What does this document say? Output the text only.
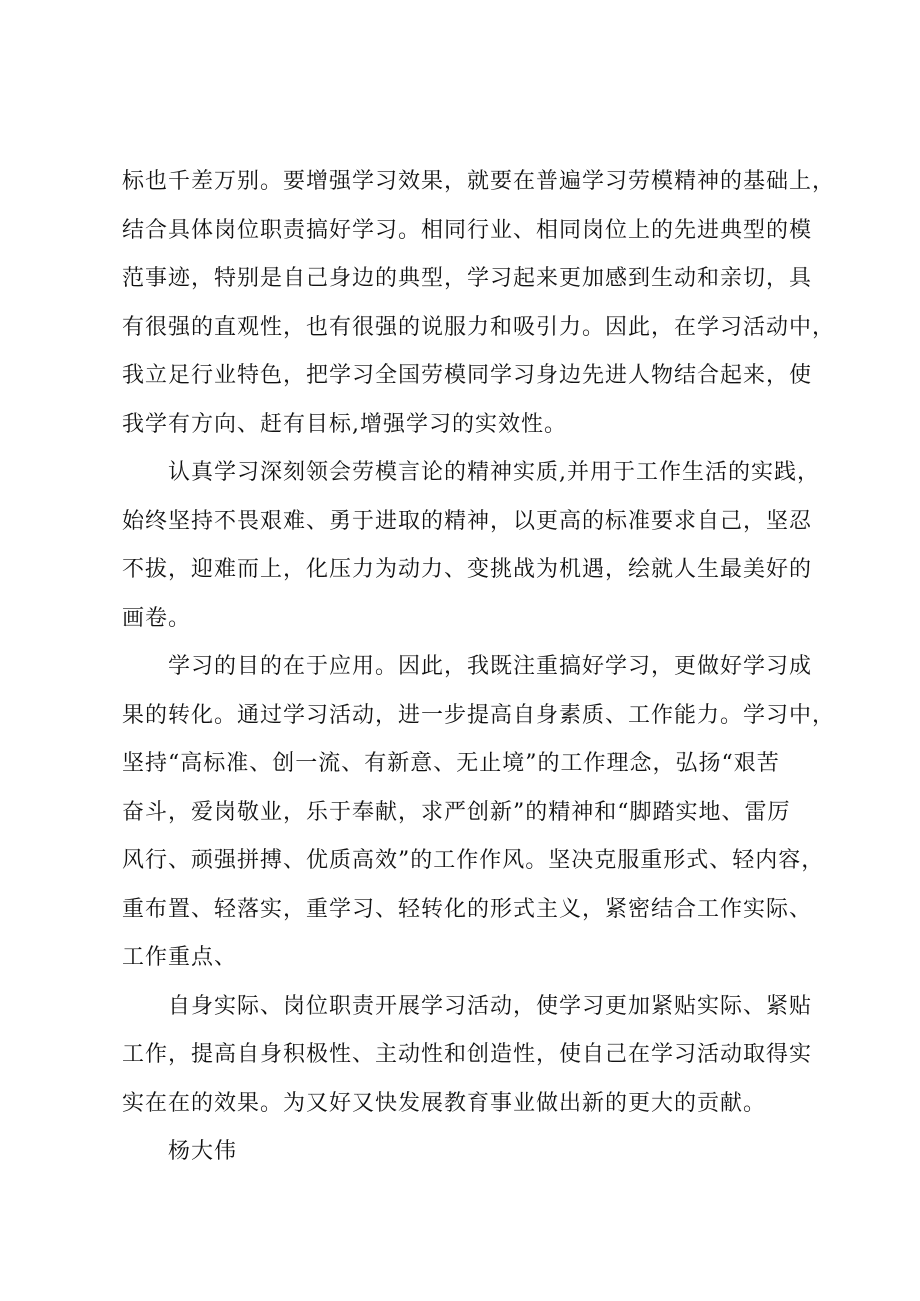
标也千差万别。要增强学习效果，就要在普遍学习劳模精神的基础上，
结合具体岗位职责搞好学习。相同行业、相同岗位上的先进典型的模
范事迹，特别是自己身边的典型，学习起来更加感到生动和亲切，具
有很强的直观性，也有很强的说服力和吸引力。因此，在学习活动中，
我立足行业特色，把学习全国劳模同学习身边先进人物结合起来，使
我学有方向、赶有目标,增强学习的实效性。
认真学习深刻领会劳模言论的精神实质,并用于工作生活的实践，
始终坚持不畏艰难、勇于进取的精神，以更高的标准要求自己，坚忍
不拔，迎难而上，化压力为动力、变挑战为机遇，绘就人生最美好的
画卷。
学习的目的在于应用。因此，我既注重搞好学习，更做好学习成
果的转化。通过学习活动，进一步提高自身素质、工作能力。学习中，
坚持“高标准、创一流、有新意、无止境”的工作理念，弘扬“艰苦
奋斗，爱岗敬业，乐于奉献，求严创新”的精神和“脚踏实地、雷厉
风行、顽强拼搏、优质高效”的工作作风。坚决克服重形式、轻内容，
重布置、轻落实，重学习、轻转化的形式主义，紧密结合工作实际、
工作重点、
自身实际、岗位职责开展学习活动，使学习更加紧贴实际、紧贴
工作，提高自身积极性、主动性和创造性，使自己在学习活动取得实
实在在的效果。为又好又快发展教育事业做出新的更大的贡献。
杨大伟
